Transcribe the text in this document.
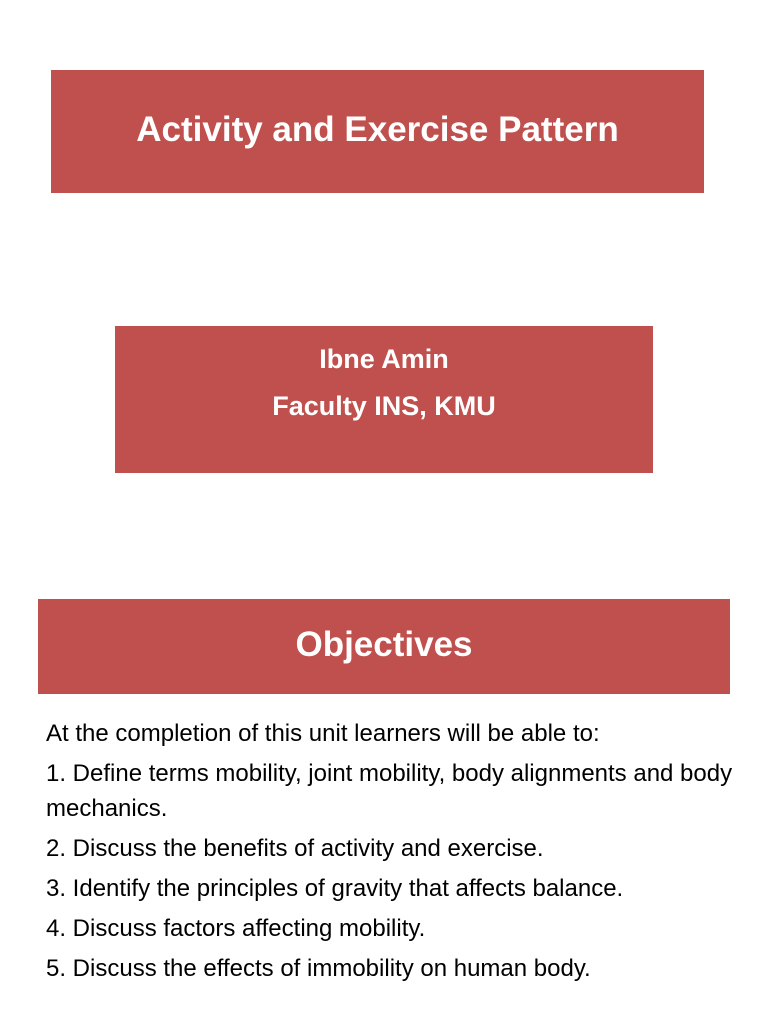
Activity and Exercise Pattern
Ibne Amin
Faculty INS, KMU
Objectives

At the completion of this unit learners will be able to:

1. Define terms mobility, joint mobility, body alignments and body mechanics.

2. Discuss the benefits of activity and exercise.

3. Identify the principles of gravity that affects balance.

4. Discuss factors affecting mobility.

5. Discuss the effects of immobility on human body.
